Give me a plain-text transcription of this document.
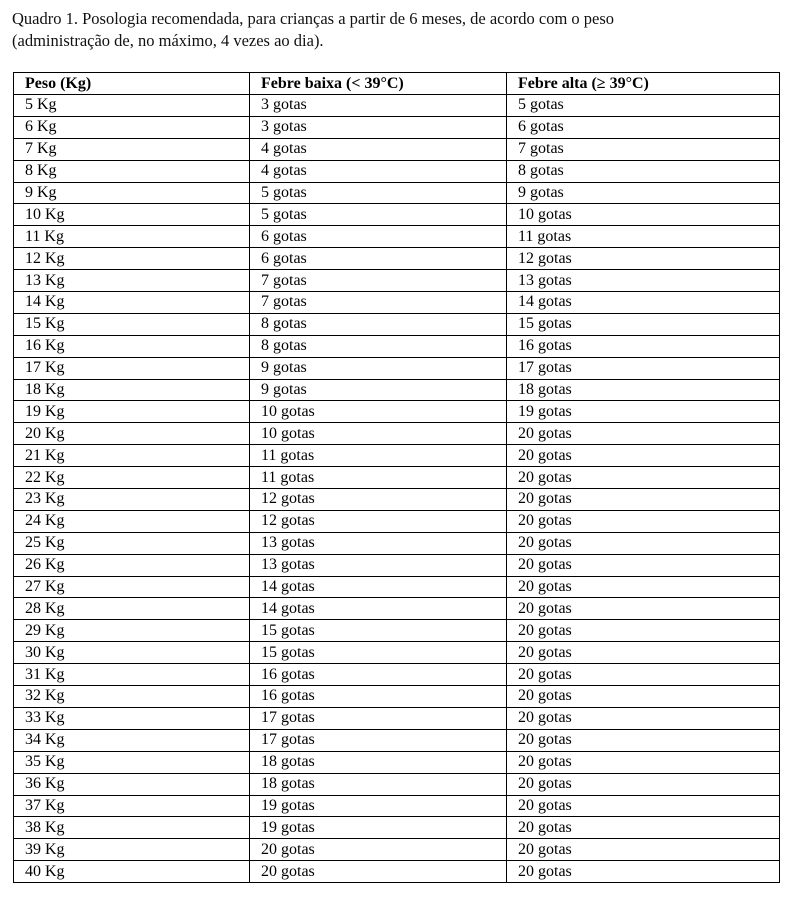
Quadro 1. Posologia recomendada, para crianças a partir de 6 meses, de acordo com o peso
(administração de, no máximo, 4 vezes ao dia).
Peso (Kg)	Febre baixa (< 39°C)	Febre alta (≥ 39°C)
5 Kg	3 gotas	5 gotas
6 Kg	3 gotas	6 gotas
7 Kg	4 gotas	7 gotas
8 Kg	4 gotas	8 gotas
9 Kg	5 gotas	9 gotas
10 Kg	5 gotas	10 gotas
11 Kg	6 gotas	11 gotas
12 Kg	6 gotas	12 gotas
13 Kg	7 gotas	13 gotas
14 Kg	7 gotas	14 gotas
15 Kg	8 gotas	15 gotas
16 Kg	8 gotas	16 gotas
17 Kg	9 gotas	17 gotas
18 Kg	9 gotas	18 gotas
19 Kg	10 gotas	19 gotas
20 Kg	10 gotas	20 gotas
21 Kg	11 gotas	20 gotas
22 Kg	11 gotas	20 gotas
23 Kg	12 gotas	20 gotas
24 Kg	12 gotas	20 gotas
25 Kg	13 gotas	20 gotas
26 Kg	13 gotas	20 gotas
27 Kg	14 gotas	20 gotas
28 Kg	14 gotas	20 gotas
29 Kg	15 gotas	20 gotas
30 Kg	15 gotas	20 gotas
31 Kg	16 gotas	20 gotas
32 Kg	16 gotas	20 gotas
33 Kg	17 gotas	20 gotas
34 Kg	17 gotas	20 gotas
35 Kg	18 gotas	20 gotas
36 Kg	18 gotas	20 gotas
37 Kg	19 gotas	20 gotas
38 Kg	19 gotas	20 gotas
39 Kg	20 gotas	20 gotas
40 Kg	20 gotas	20 gotas
